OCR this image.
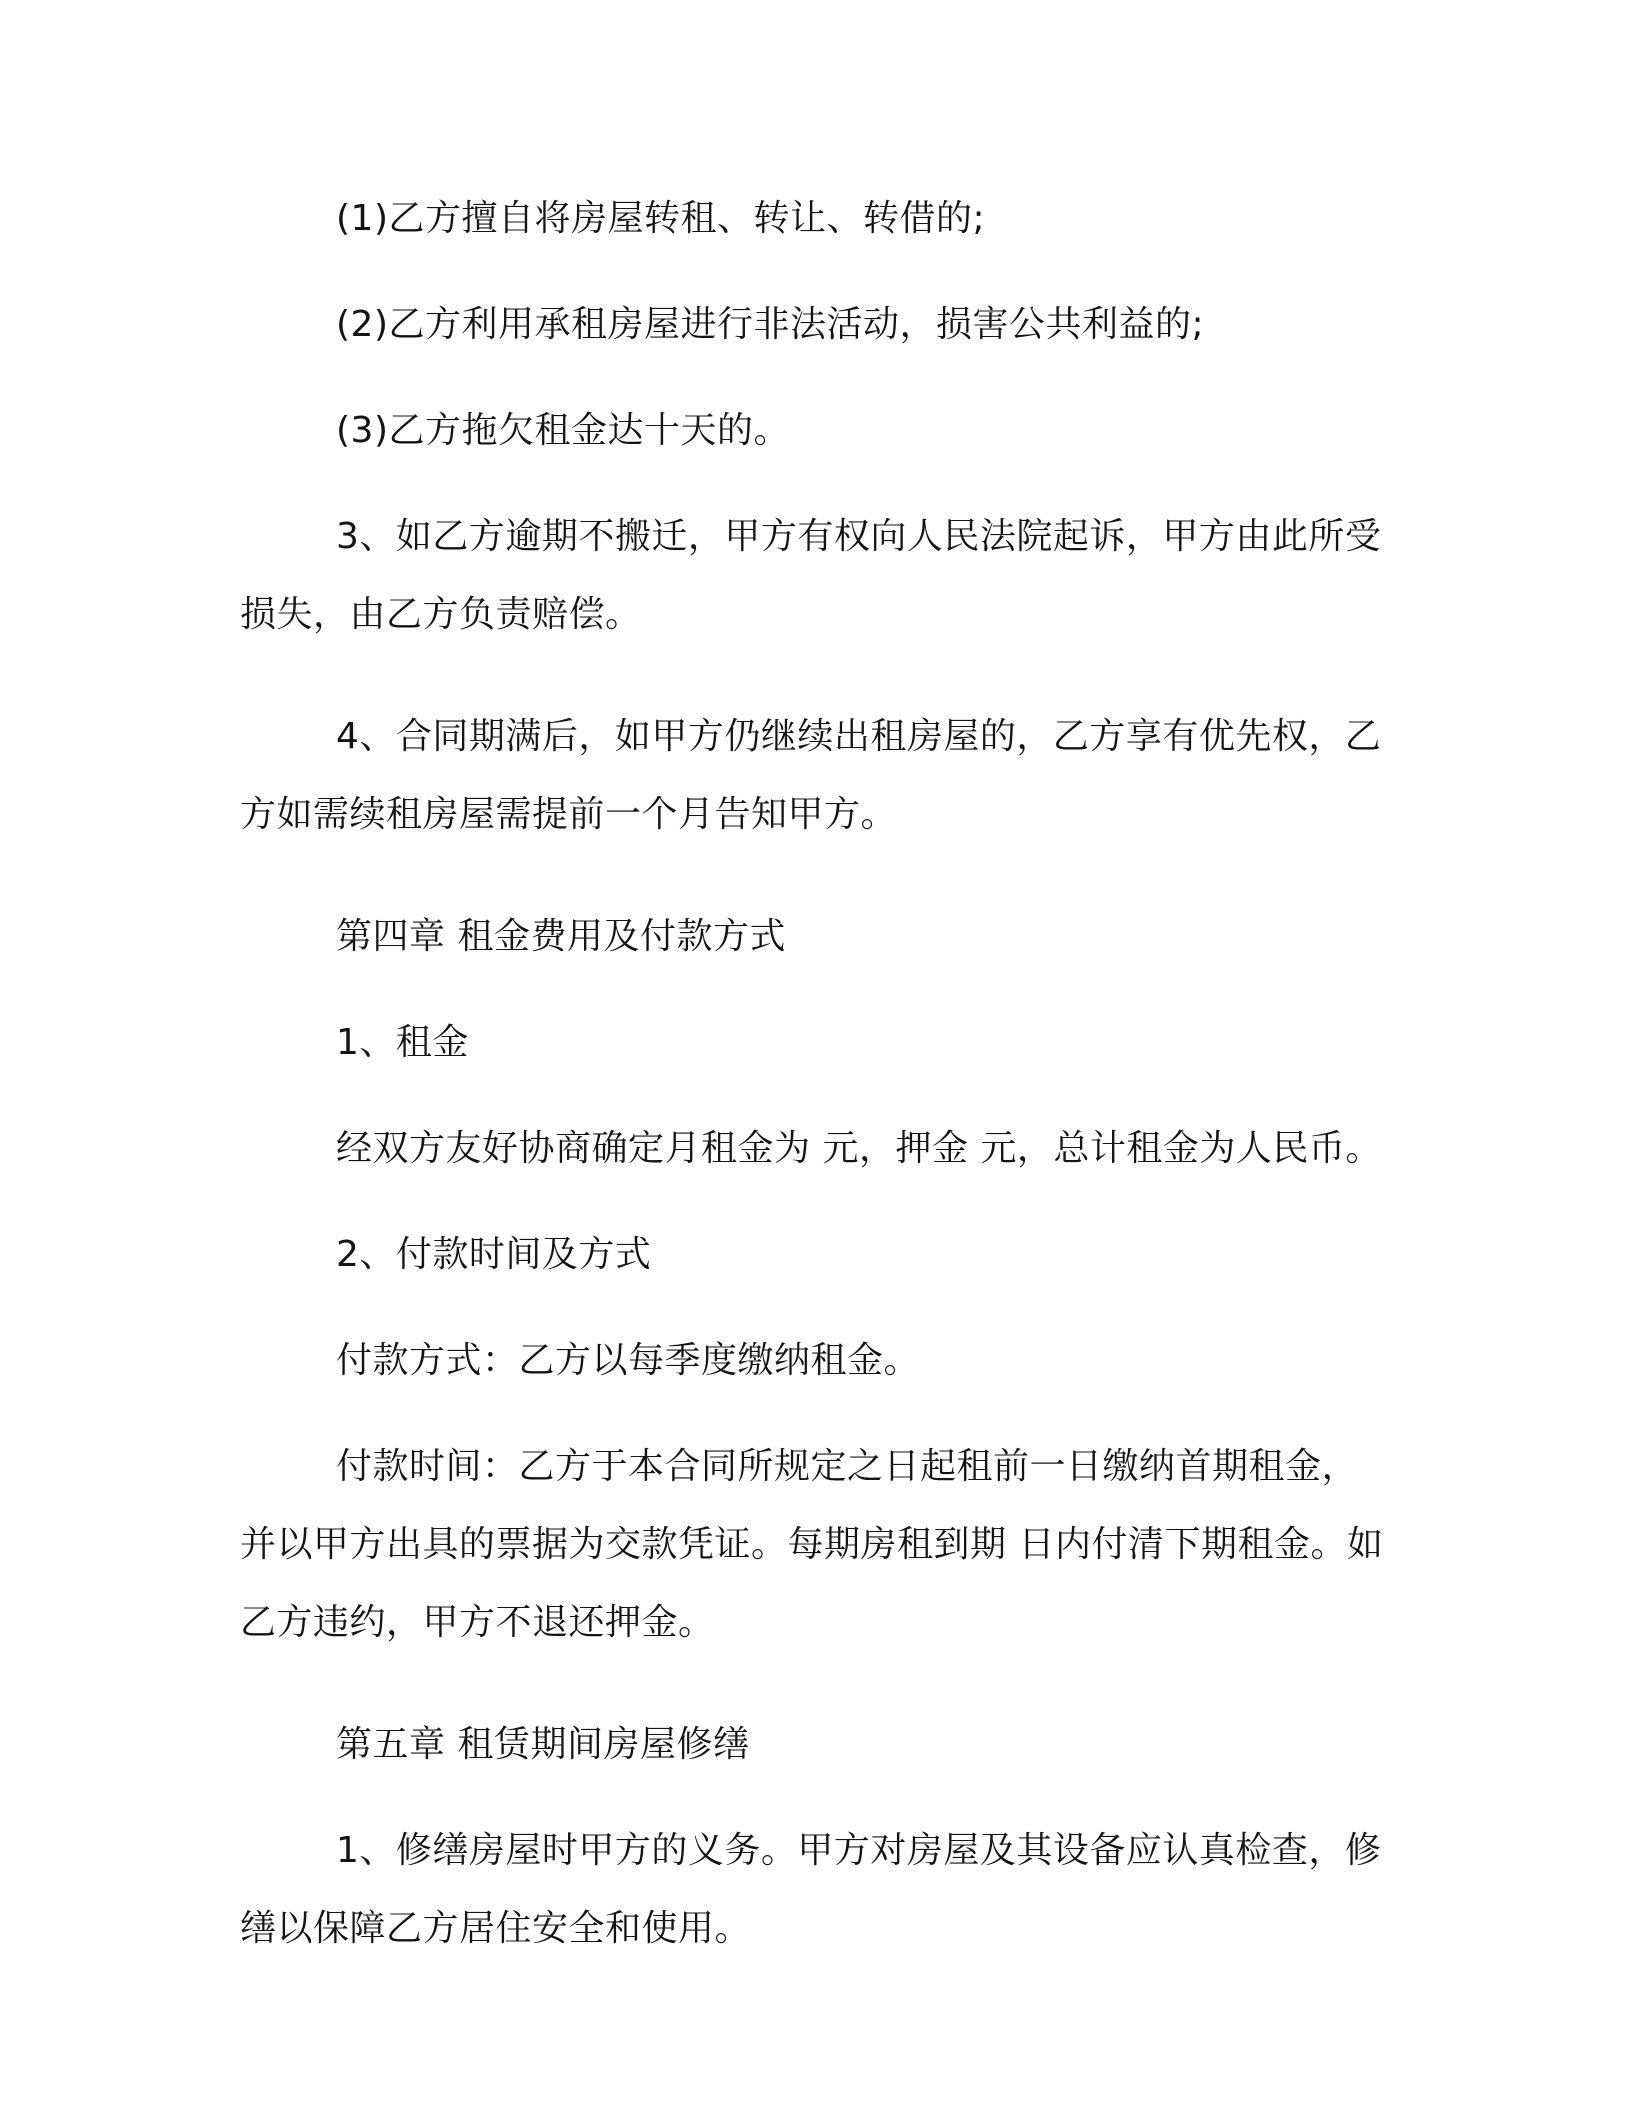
(1)乙方擅自将房屋转租、转让、转借的;

(2)乙方利用承租房屋进行非法活动，损害公共利益的;

(3)乙方拖欠租金达十天的。

3、如乙方逾期不搬迁，甲方有权向人民法院起诉，甲方由此所受损失，由乙方负责赔偿。

4、合同期满后，如甲方仍继续出租房屋的，乙方享有优先权，乙方如需续租房屋需提前一个月告知甲方。

第四章 租金费用及付款方式

1、租金

经双方友好协商确定月租金为 元，押金 元，总计租金为人民币。

2、付款时间及方式

付款方式：乙方以每季度缴纳租金。

付款时间：乙方于本合同所规定之日起租前一日缴纳首期租金，并以甲方出具的票据为交款凭证。每期房租到期 日内付清下期租金。如乙方违约，甲方不退还押金。

第五章 租赁期间房屋修缮

1、修缮房屋时甲方的义务。甲方对房屋及其设备应认真检查，修缮以保障乙方居住安全和使用。
